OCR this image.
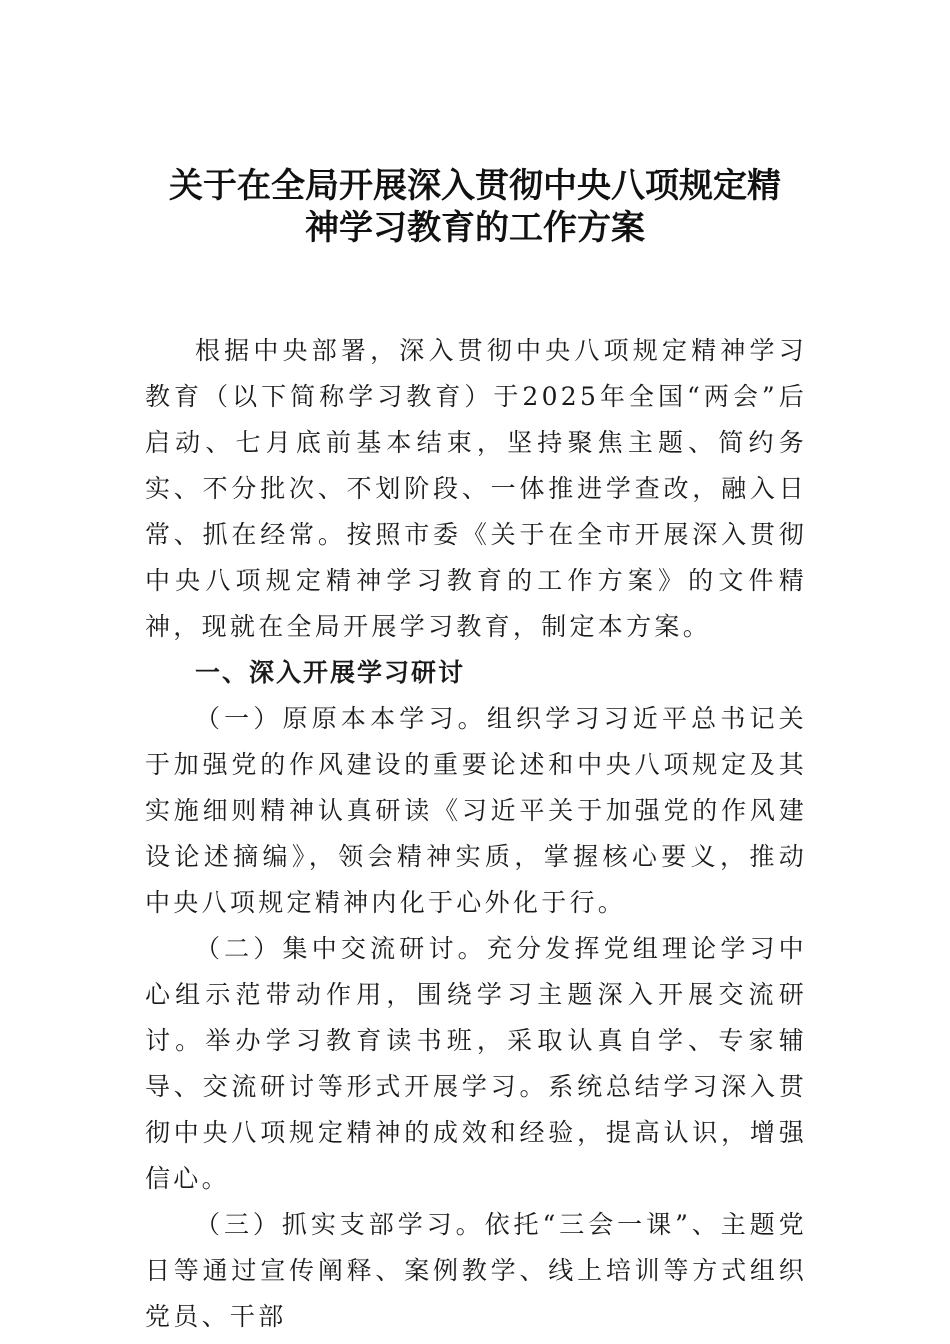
关于在全局开展深入贯彻中央八项规定精
神学习教育的工作方案

根据中央部署，深入贯彻中央八项规定精神学习教育（以下简称学习教育）于2025年全国“两会”后启动、七月底前基本结束，坚持聚焦主题、简约务实、不分批次、不划阶段、一体推进学查改，融入日常、抓在经常。按照市委《关于在全市开展深入贯彻中央八项规定精神学习教育的工作方案》的文件精神，现就在全局开展学习教育，制定本方案。

一、深入开展学习研讨

（一）原原本本学习。组织学习习近平总书记关于加强党的作风建设的重要论述和中央八项规定及其实施细则精神认真研读《习近平关于加强党的作风建设论述摘编》，领会精神实质，掌握核心要义，推动中央八项规定精神内化于心外化于行。

（二）集中交流研讨。充分发挥党组理论学习中心组示范带动作用，围绕学习主题深入开展交流研讨。举办学习教育读书班，采取认真自学、专家辅导、交流研讨等形式开展学习。系统总结学习深入贯彻中央八项规定精神的成效和经验，提高认识，增强信心。

（三）抓实支部学习。依托“三会一课”、主题党日等通过宣传阐释、案例教学、线上培训等方式组织党员、干部
